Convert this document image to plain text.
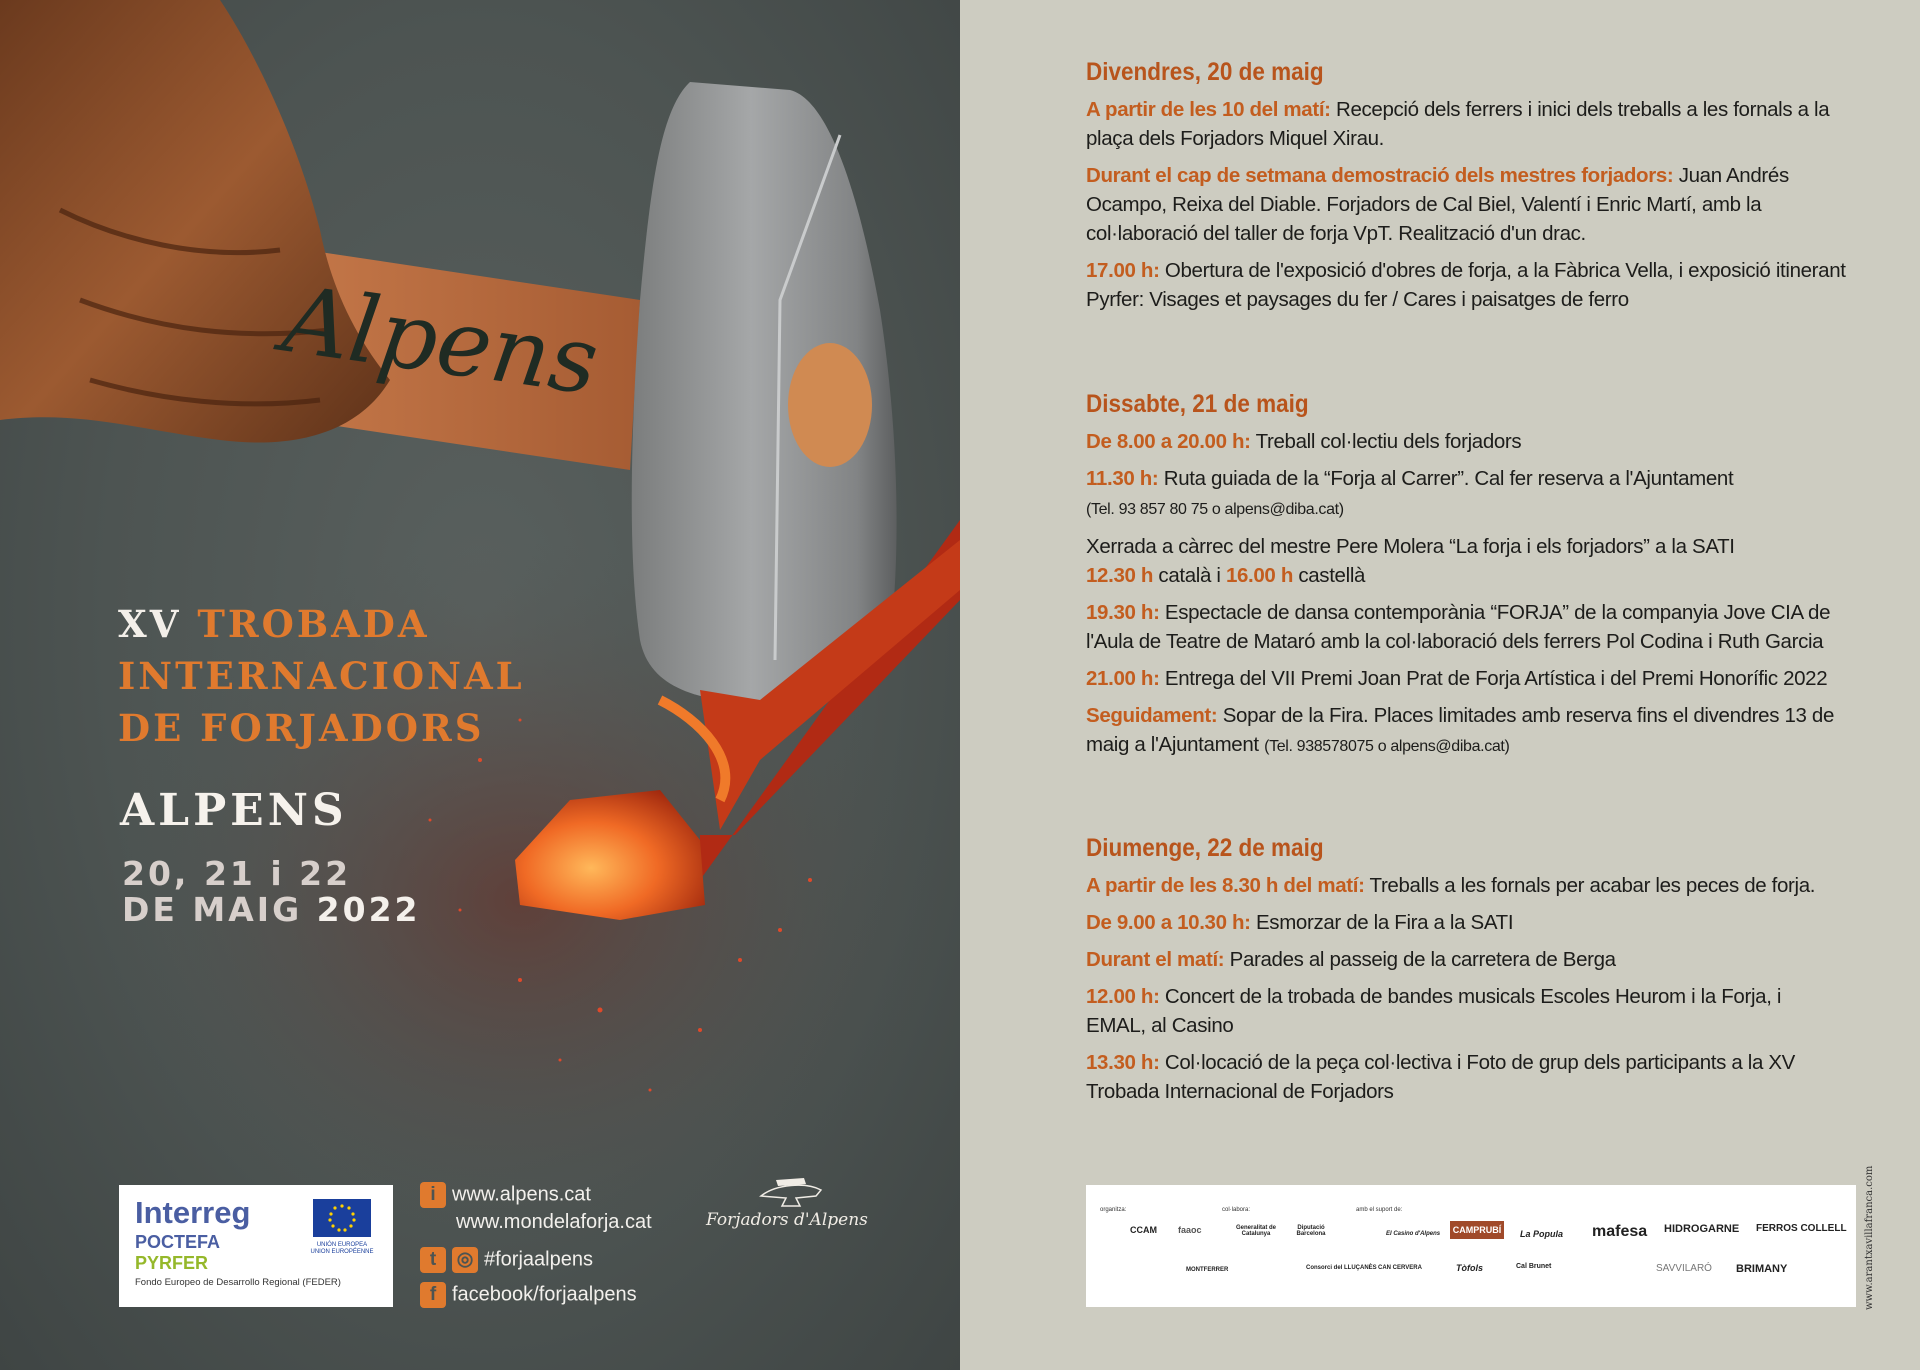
Alpens
XV TROBADA
INTERNACIONAL
DE FORJADORS
ALPENS
20, 21 i 22
DE MAIG 2022
Interreg
POCTEFA
PYRFER
Fondo Europeo de Desarrollo Regional (FEDER)
UNIÓN EUROPEA UNION EUROPÉENNE
i www.alpens.cat
www.mondelaforja.cat
t ◎ #forjaalpens
f facebook/forjaalpens
Forjadors d'Alpens
Divendres, 20 de maig
A partir de les 10 del matí: Recepció dels ferrers i inici dels treballs a les fornals a la plaça dels Forjadors Miquel Xirau.
Durant el cap de setmana demostració dels mestres forjadors: Juan Andrés Ocampo, Reixa del Diable. Forjadors de Cal Biel, Valentí i Enric Martí, amb la col·laboració del taller de forja VpT. Realització d'un drac.
17.00 h: Obertura de l'exposició d'obres de forja, a la Fàbrica Vella, i exposició itinerant Pyrfer: Visages et paysages du fer / Cares i paisatges de ferro
Dissabte, 21 de maig
De 8.00 a 20.00 h: Treball col·lectiu dels forjadors
11.30 h: Ruta guiada de la “Forja al Carrer”. Cal fer reserva a l'Ajuntament
(Tel. 93 857 80 75 o alpens@diba.cat)
Xerrada a càrrec del mestre Pere Molera “La forja i els forjadors” a la SATI
12.30 h català i 16.00 h castellà
19.30 h: Espectacle de dansa contemporània “FORJA” de la companyia Jove CIA de l'Aula de Teatre de Mataró amb la col·laboració dels ferrers Pol Codina i Ruth Garcia
21.00 h: Entrega del VII Premi Joan Prat de Forja Artística i del Premi Honorífic 2022
Seguidament: Sopar de la Fira. Places limitades amb reserva fins el divendres 13 de maig a l'Ajuntament (Tel. 938578075 o alpens@diba.cat)
Diumenge, 22 de maig
A partir de les 8.30 h del matí: Treballs a les fornals per acabar les peces de forja.
De 9.00 a 10.30 h: Esmorzar de la Fira a la SATI
Durant el matí: Parades al passeig de la carretera de Berga
12.00 h: Concert de la trobada de bandes musicals Escoles Heurom i la Forja, i EMAL, al Casino
13.30 h: Col·locació de la peça col·lectiva i Foto de grup dels participants a la XV Trobada Internacional de Forjadors
organitza:	col·labora:	amb el suport de:
CCAM faaoc	Generalitat de Catalunya
Diputació Barcelona	El Casino d'Alpens	CAMPRUBÍ	La Popula mafesa HIDROGARNE FERROS COLLELL
MONTFERRER	Consorci del LLUÇANÈS	SAVVILARÓ BRIMANY
CAN CERVERA	Tòfols	Cal Brunet	www.arantxavillafranca.com
